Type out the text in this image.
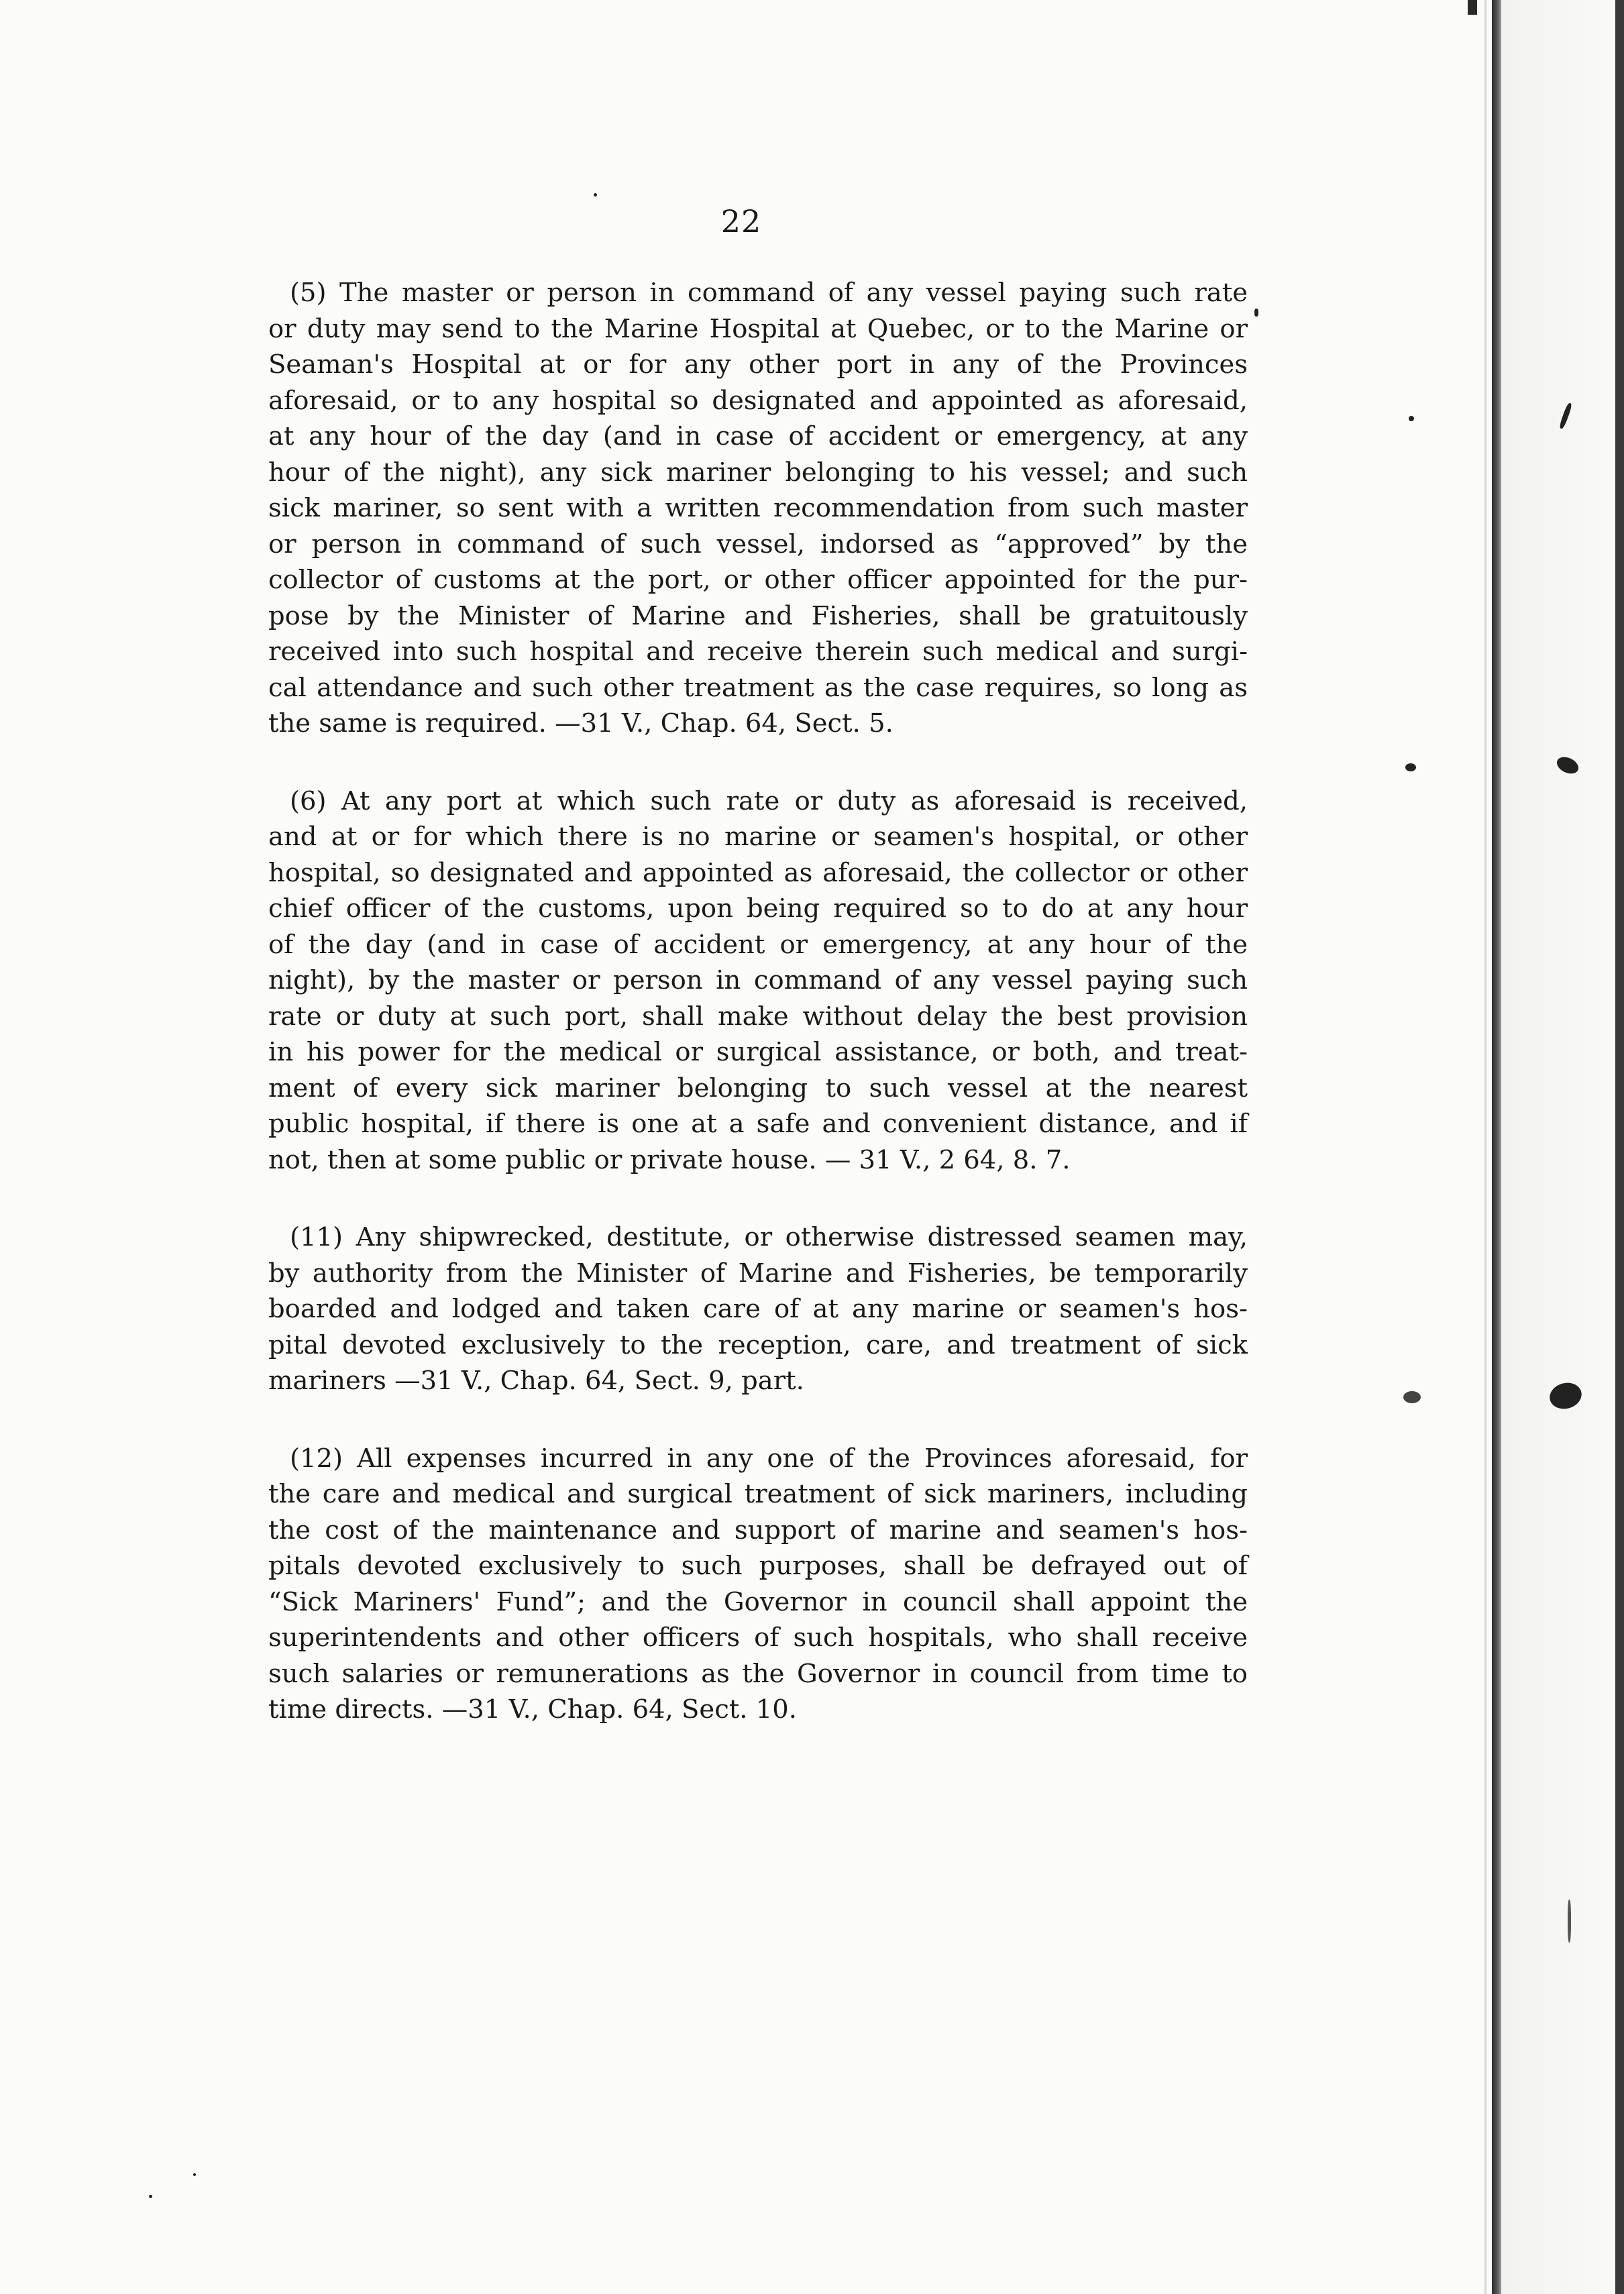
22

(5) The master or person in command of any vessel paying such rate
or duty may send to the Marine Hospital at Quebec, or to the Marine or
Seaman's Hospital at or for any other port in any of the Provinces
aforesaid, or to any hospital so designated and appointed as aforesaid,
at any hour of the day (and in case of accident or emergency, at any
hour of the night), any sick mariner belonging to his vessel; and such
sick mariner, so sent with a written recommendation from such master
or person in command of such vessel, indorsed as “approved” by the
collector of customs at the port, or other officer appointed for the pur-
pose by the Minister of Marine and Fisheries, shall be gratuitously
received into such hospital and receive therein such medical and surgi-
cal attendance and such other treatment as the case requires, so long as
the same is required. —31 V., Chap. 64, Sect. 5.

(6) At any port at which such rate or duty as aforesaid is received,
and at or for which there is no marine or seamen's hospital, or other
hospital, so designated and appointed as aforesaid, the collector or other
chief officer of the customs, upon being required so to do at any hour
of the day (and in case of accident or emergency, at any hour of the
night), by the master or person in command of any vessel paying such
rate or duty at such port, shall make without delay the best provision
in his power for the medical or surgical assistance, or both, and treat-
ment of every sick mariner belonging to such vessel at the nearest
public hospital, if there is one at a safe and convenient distance, and if
not, then at some public or private house. — 31 V., 2 64, 8. 7.

(11) Any shipwrecked, destitute, or otherwise distressed seamen may,
by authority from the Minister of Marine and Fisheries, be temporarily
boarded and lodged and taken care of at any marine or seamen's hos-
pital devoted exclusively to the reception, care, and treatment of sick
mariners —31 V., Chap. 64, Sect. 9, part.

(12) All expenses incurred in any one of the Provinces aforesaid, for
the care and medical and surgical treatment of sick mariners, including
the cost of the maintenance and support of marine and seamen's hos-
pitals devoted exclusively to such purposes, shall be defrayed out of
“Sick Mariners' Fund”; and the Governor in council shall appoint the
superintendents and other officers of such hospitals, who shall receive
such salaries or remunerations as the Governor in council from time to
time directs. —31 V., Chap. 64, Sect. 10.
